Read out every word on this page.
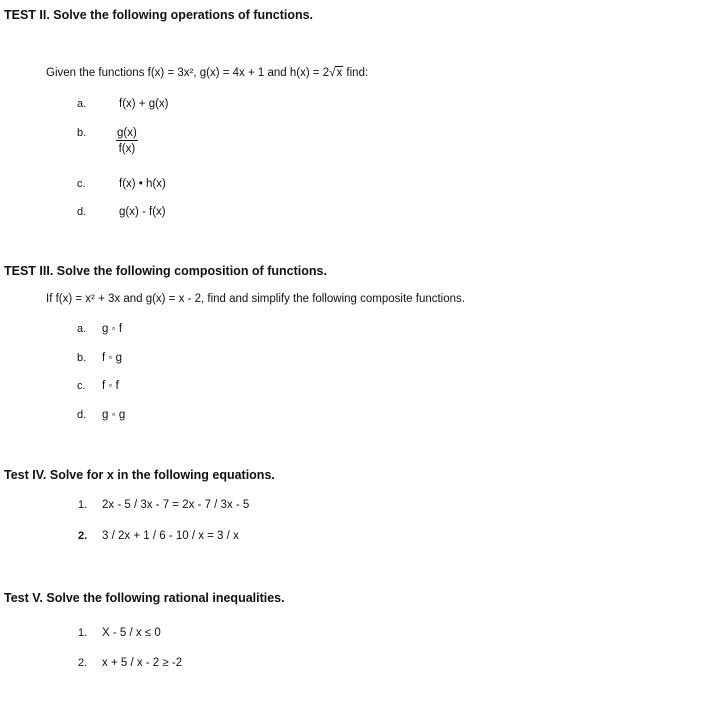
TEST II. Solve the following operations of functions.
Given the functions f(x) = 3x², g(x) = 4x + 1 and h(x) = 2√x find:
a.	f(x) + g(x)
b.	$\frac{g(x)}{f(x)}$
c.	f(x) • h(x)
d.	g(x) - f(x)
TEST III. Solve the following composition of functions.
If f(x) = x² + 3x and g(x) = x - 2, find and simplify the following composite functions.
a. g ◦ f
b. f ◦ g
c. f ◦ f
d. g ◦ g
Test IV. Solve for x in the following equations.
1. 2x - 5 / 3x - 7 = 2x - 7 / 3x - 5
2. 3 / 2x + 1 / 6 - 10 / x = 3 / x
Test V. Solve the following rational inequalities.
1. X - 5 / x ≤ 0
2. x + 5 / x - 2 ≥ -2
